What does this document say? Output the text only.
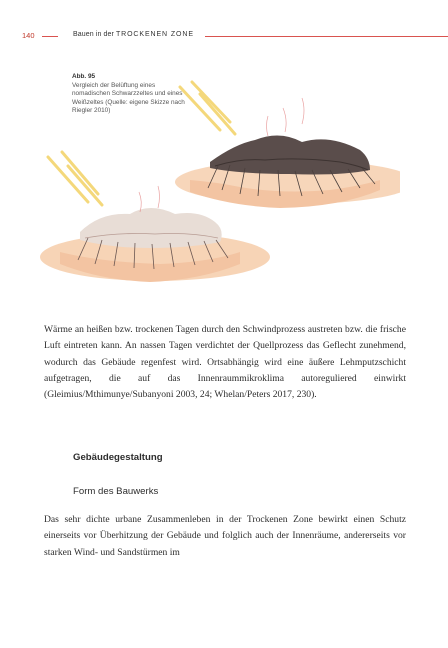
140	Bauen in der TROCKENEN ZONE
Abb. 95
Vergleich der Belüftung eines nomadischen Schwarzzeltes und eines Weißzeltes (Quelle: eigene Skizze nach Riegler 2010)
Wärme an heißen bzw. trockenen Tagen durch den Schwindprozess austreten bzw. die frische Luft eintreten kann. An nassen Tagen verdichtet der Quellprozess das Geflecht zunehmend, wodurch das Gebäude regenfest wird. Ortsabhängig wird eine äußere Lehmputzschicht aufgetragen, die auf das Innenraummikroklima autoreguliered einwirkt (Gleimius/Mthimunye/Subanyoni 2003, 24; Whelan/Peters 2017, 230).
Gebäudegestaltung
Form des Bauwerks
Das sehr dichte urbane Zusammenleben in der Trockenen Zone bewirkt einen Schutz einerseits vor Überhitzung der Gebäude und folglich auch der Innenräume, andererseits vor starken Wind- und Sandstürmen im
